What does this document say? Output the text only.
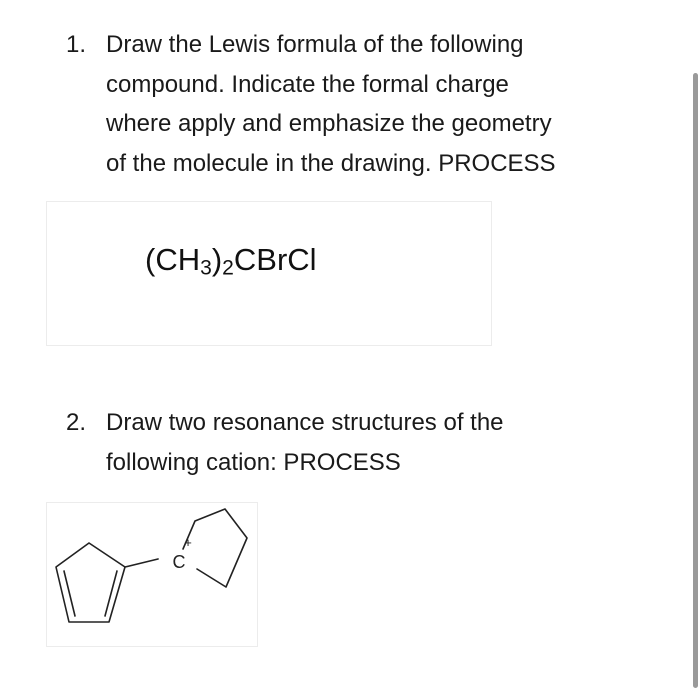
1. Draw the Lewis formula of the following
compound. Indicate the formal charge
where apply and emphasize the geometry
of the molecule in the drawing. PROCESS
$(CH_3)_2CBrCl$
2. Draw two resonance structures of the
following cation: PROCESS
C
+
